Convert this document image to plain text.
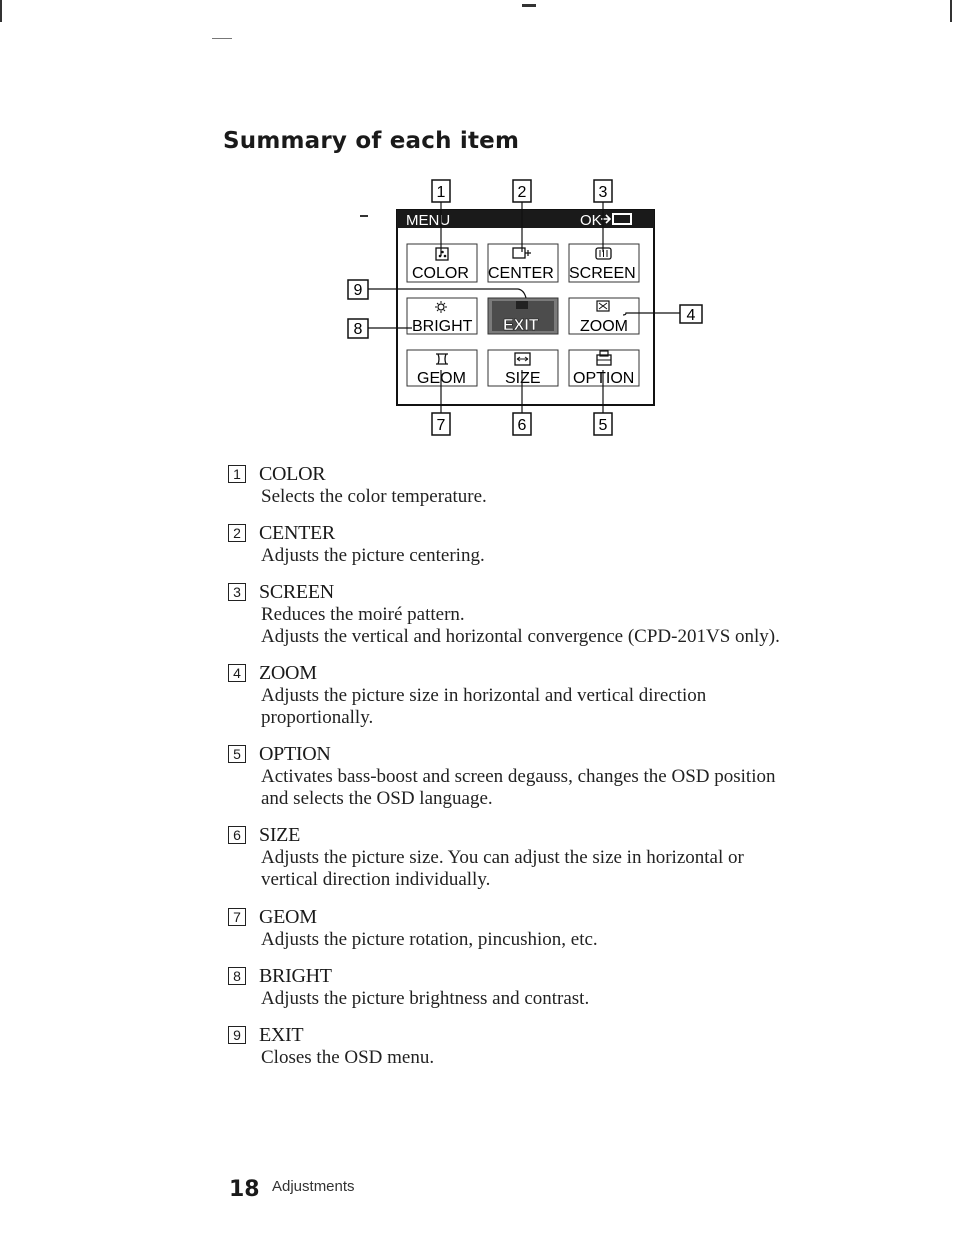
Summary of each item
MENU	OK
COLOR CENTER SCREEN
BRIGHT EXIT	ZOOM
GEOM SIZE OPTION
1	2	3
4
5
6
7
8
9
1 COLOR
Selects the color temperature.
2 CENTER
Adjusts the picture centering.
3 SCREEN
Reduces the moiré pattern.
Adjusts the vertical and horizontal convergence (CPD-201VS only).
4 ZOOM
Adjusts the picture size in horizontal and vertical direction
proportionally.
5 OPTION
Activates bass-boost and screen degauss, changes the OSD position
and selects the OSD language.
6 SIZE
Adjusts the picture size. You can adjust the size in horizontal or
vertical direction individually.
7 GEOM
Adjusts the picture rotation, pincushion, etc.
8 BRIGHT
Adjusts the picture brightness and contrast.
9 EXIT
Closes the OSD menu.
18 Adjustments
